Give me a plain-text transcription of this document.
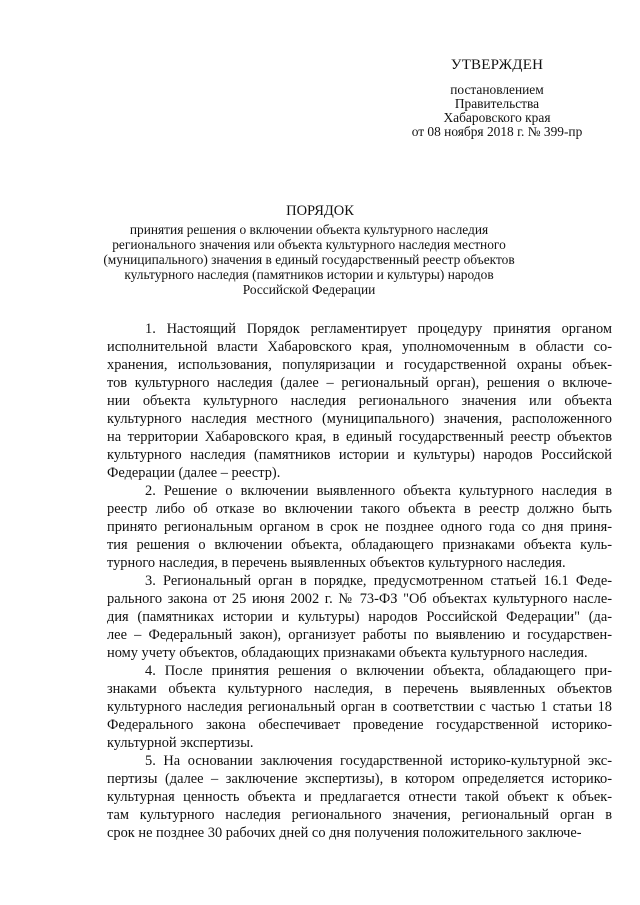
УТВЕРЖДЕН
постановлением
Правительства
Хабаровского края
от 08 ноября 2018 г. № 399-пр
ПОРЯДОК
принятия решения о включении объекта культурного наследия
регионального значения или объекта культурного наследия местного
(муниципального) значения в единый государственный реестр объектов
культурного наследия (памятников истории и культуры) народов
Российской Федерации
1. Настоящий Порядок регламентирует процедуру принятия органом
исполнительной власти Хабаровского края, уполномоченным в области со-
хранения, использования, популяризации и государственной охраны объек-
тов культурного наследия (далее – региональный орган), решения о включе-
нии объекта культурного наследия регионального значения или объекта
культурного наследия местного (муниципального) значения, расположенного
на территории Хабаровского края, в единый государственный реестр объектов
культурного наследия (памятников истории и культуры) народов Российской
Федерации (далее – реестр).
2. Решение о включении выявленного объекта культурного наследия в
реестр либо об отказе во включении такого объекта в реестр должно быть
принято региональным органом в срок не позднее одного года со дня приня-
тия решения о включении объекта, обладающего признаками объекта куль-
турного наследия, в перечень выявленных объектов культурного наследия.
3. Региональный орган в порядке, предусмотренном статьей 16.1 Феде-
рального закона от 25 июня 2002 г. № 73-ФЗ "Об объектах культурного насле-
дия (памятниках истории и культуры) народов Российской Федерации" (да-
лее – Федеральный закон), организует работы по выявлению и государствен-
ному учету объектов, обладающих признаками объекта культурного наследия.
4. После принятия решения о включении объекта, обладающего при-
знаками объекта культурного наследия, в перечень выявленных объектов
культурного наследия региональный орган в соответствии с частью 1 статьи 18
Федерального закона обеспечивает проведение государственной историко-
культурной экспертизы.
5. На основании заключения государственной историко-культурной экс-
пертизы (далее – заключение экспертизы), в котором определяется историко-
культурная ценность объекта и предлагается отнести такой объект к объек-
там культурного наследия регионального значения, региональный орган в
срок не позднее 30 рабочих дней со дня получения положительного заключе-
